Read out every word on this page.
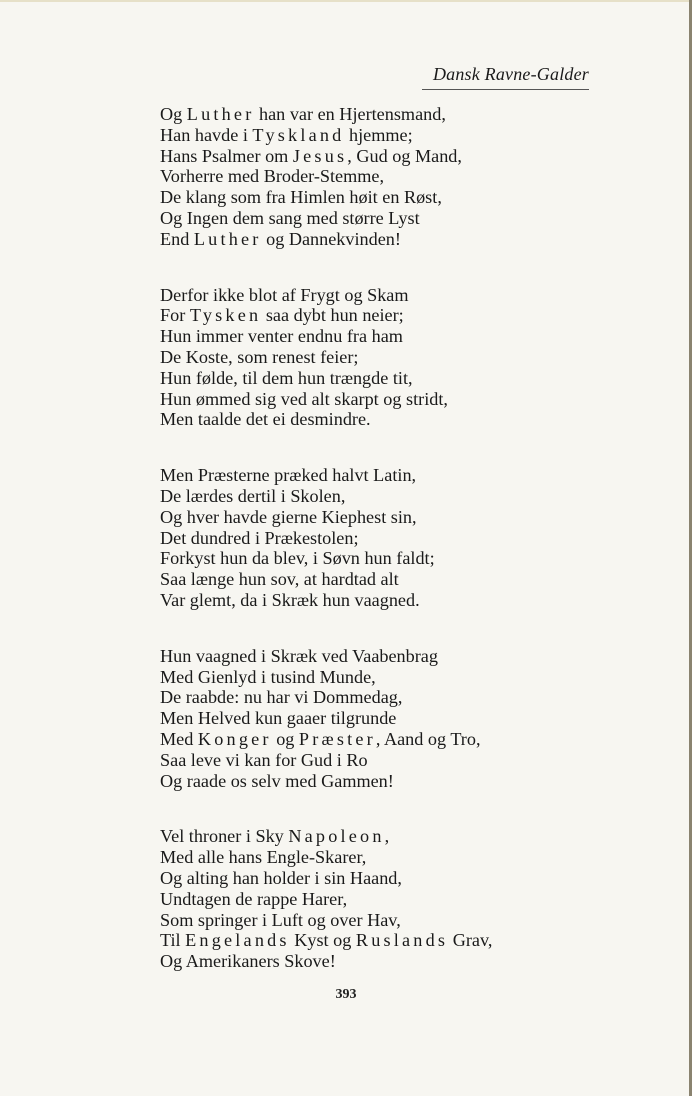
Dansk Ravne-Galder
Og Luther han var en Hjertensmand,
Han havde i Tyskland hjemme;
Hans Psalmer om Jesus, Gud og Mand,
Vorherre med Broder-Stemme,
De klang som fra Himlen høit en Røst,
Og Ingen dem sang med større Lyst
End Luther og Dannekvinden!
Derfor ikke blot af Frygt og Skam
For Tysken saa dybt hun neier;
Hun immer venter endnu fra ham
De Koste, som renest feier;
Hun følde, til dem hun trængde tit,
Hun ømmed sig ved alt skarpt og stridt,
Men taalde det ei desmindre.
Men Præsterne præked halvt Latin,
De lærdes dertil i Skolen,
Og hver havde gierne Kiephest sin,
Det dundred i Prækestolen;
Forkyst hun da blev, i Søvn hun faldt;
Saa længe hun sov, at hardtad alt
Var glemt, da i Skræk hun vaagned.
Hun vaagned i Skræk ved Vaabenbrag
Med Gienlyd i tusind Munde,
De raabde: nu har vi Dommedag,
Men Helved kun gaaer tilgrunde
Med Konger og Præster, Aand og Tro,
Saa leve vi kan for Gud i Ro
Og raade os selv med Gammen!
Vel throner i Sky Napoleon,
Med alle hans Engle-Skarer,
Og alting han holder i sin Haand,
Undtagen de rappe Harer,
Som springer i Luft og over Hav,
Til Engelands Kyst og Ruslands Grav,
Og Amerikaners Skove!
393
